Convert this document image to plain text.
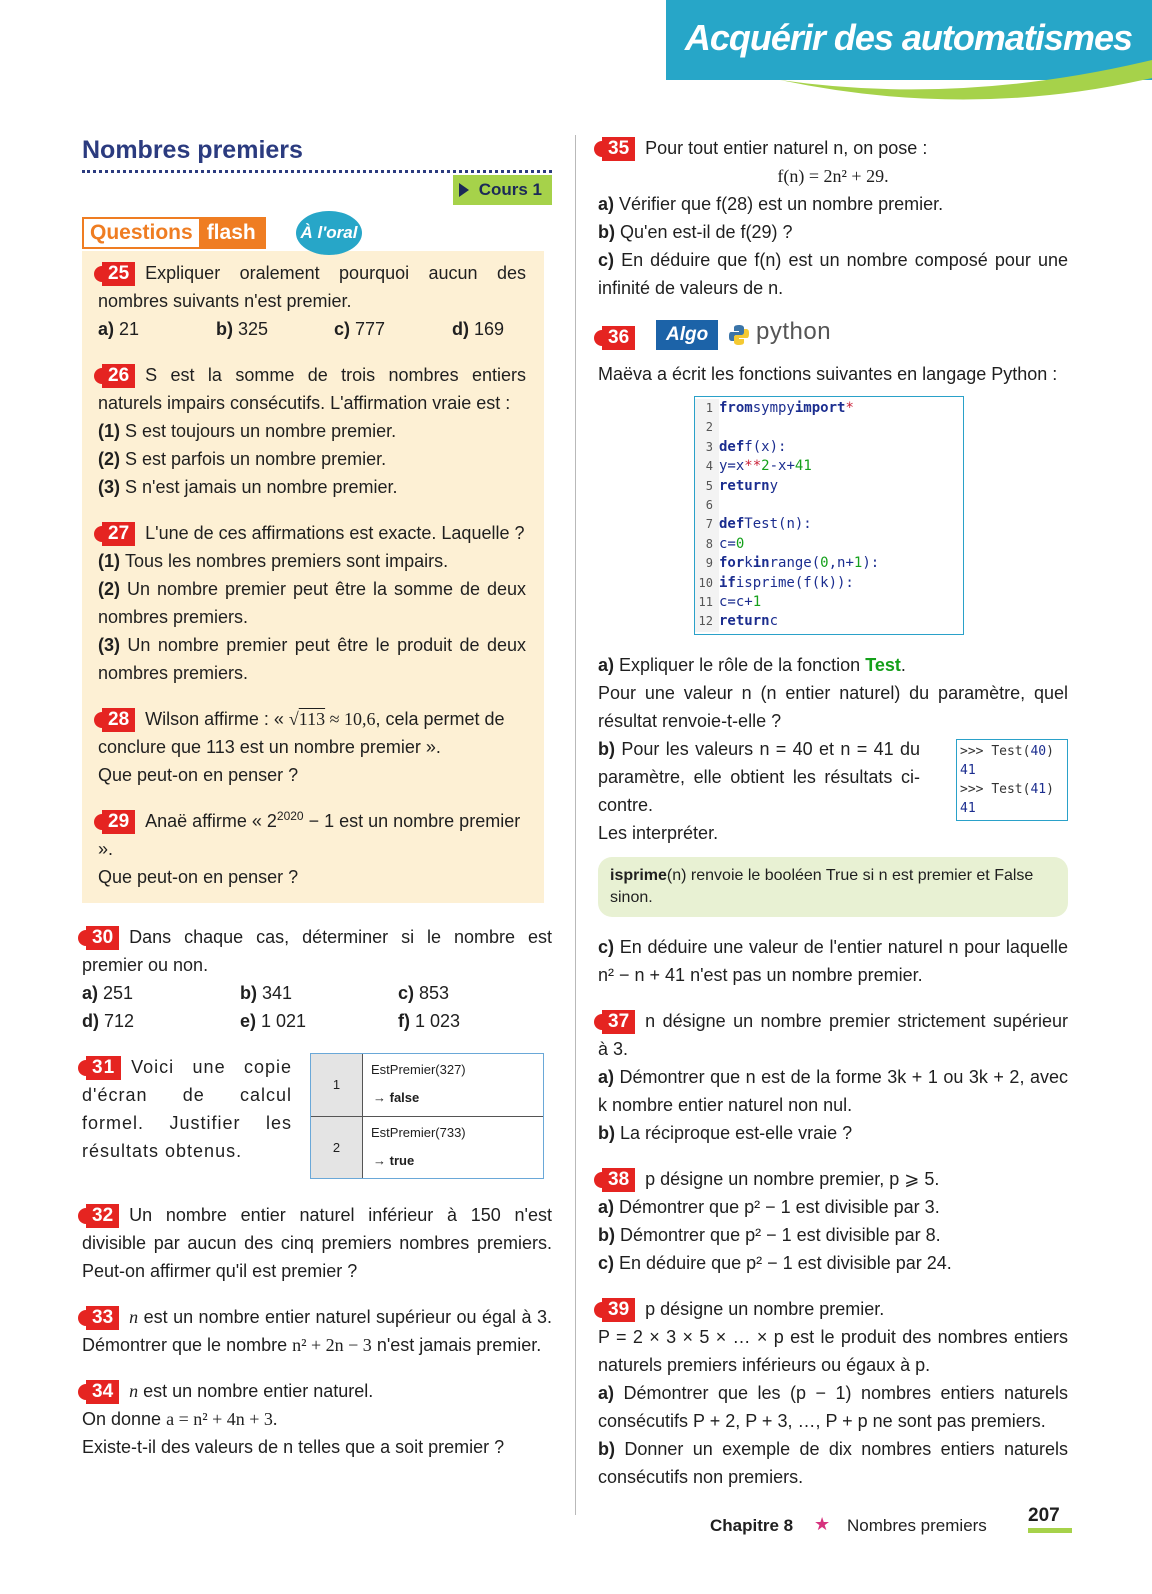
Acquérir des automatismes
Nombres premiers
Cours 1
Questions flash	À l'oral

25 Expliquer oralement pourquoi aucun des nombres suivants n'est premier.

a) 21	b) 325	c) 777	d) 169

26 S est la somme de trois nombres entiers naturels impairs consécutifs. L'affirmation vraie est :

(1) S est toujours un nombre premier.
(2) S est parfois un nombre premier.
(3) S n'est jamais un nombre premier.

27 L'une de ces affirmations est exacte. Laquelle ?

(1) Tous les nombres premiers sont impairs.
(2) Un nombre premier peut être la somme de deux nombres premiers.
(3) Un nombre premier peut être le produit de deux nombres premiers.

28 Wilson affirme : « √113 ≈ 10,6, cela permet de conclure que 113 est un nombre premier ».

Que peut-on en penser ?

29 Anaë affirme « $2^{2020} - 1$ est un nombre premier ».

Que peut-on en penser ?

30 Dans chaque cas, déterminer si le nombre est premier ou non.

a) 251	b) 341	c) 853
d) 712	e) 1 021	f) 1 023

31 Voici une copie d'écran de calcul formel. Justifier les résultats obtenus.

1
EstPremier(327)
→ false
2
EstPremier(733)
→ true

32 Un nombre entier naturel inférieur à 150 n'est divisible par aucun des cinq premiers nombres premiers. Peut-on affirmer qu'il est premier ?

33 n est un nombre entier naturel supérieur ou égal à 3. Démontrer que le nombre n² + 2n − 3 n'est jamais premier.

34 n est un nombre entier naturel.

On donne a = n² + 4n + 3.

Existe-t-il des valeurs de n telles que a soit premier ?

35 Pour tout entier naturel n, on pose :

f(n) = 2n² + 29.

a) Vérifier que f(28) est un nombre premier.

b) Qu'en est-il de f(29) ?

c) En déduire que f(n) est un nombre composé pour une infinité de valeurs de n.

36	Algo	python

Maëva a écrit les fonctions suivantes en langage Python :

1 from sympy import *
2
3 def f(x):
4 y=x ** 2 -x+ 41
5 return y
6
7 def Test(n):
8 c= 0
9 for k in range( 0 ,n+ 1 ):
10 if isprime(f(k)):
11 c=c+ 1
12 return c

a) Expliquer le rôle de la fonction Test.

Pour une valeur n (n entier naturel) du paramètre, quel résultat renvoie-t-elle ?

b) Pour les valeurs n = 40 et n = 41 du paramètre, elle obtient les résultats ci-contre.

>>> Test(40)
41
>>> Test(41)
41

Les interpréter.

isprime(n) renvoie le booléen True si n est premier et False sinon.

c) En déduire une valeur de l'entier naturel n pour laquelle n² − n + 41 n'est pas un nombre premier.

37 n désigne un nombre premier strictement supérieur à 3.

a) Démontrer que n est de la forme 3k + 1 ou 3k + 2, avec k nombre entier naturel non nul.

b) La réciproque est-elle vraie ?

38 p désigne un nombre premier, p ⩾ 5.

a) Démontrer que p² − 1 est divisible par 3.

b) Démontrer que p² − 1 est divisible par 8.

c) En déduire que p² − 1 est divisible par 24.

39 p désigne un nombre premier.

P = 2 × 3 × 5 × … × p est le produit des nombres entiers naturels premiers inférieurs ou égaux à p.

a) Démontrer que les (p − 1) nombres entiers naturels consécutifs P + 2, P + 3, …, P + p ne sont pas premiers.

b) Donner un exemple de dix nombres entiers naturels consécutifs non premiers.

Chapitre 8 ★ Nombres premiers 207
